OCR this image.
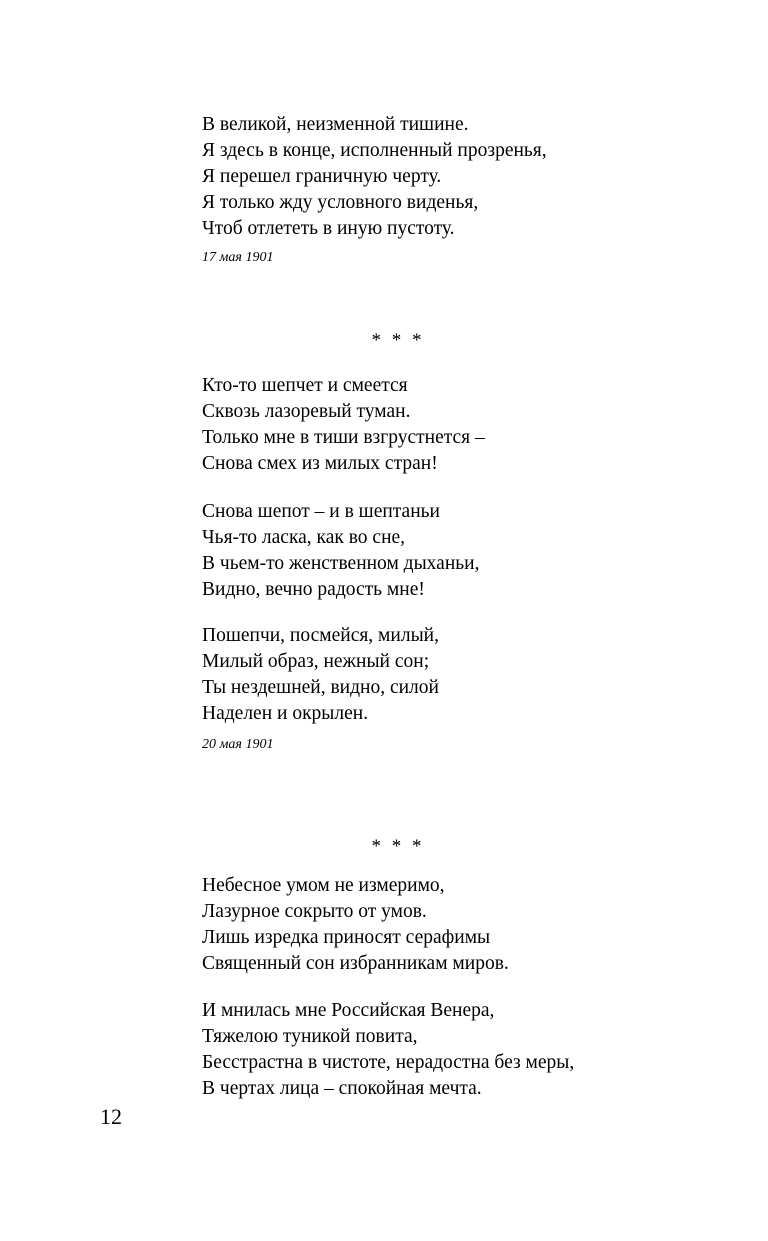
В великой, неизменной тишине.
Я здесь в конце, исполненный прозренья,
Я перешел граничную черту.
Я только жду условного виденья,
Чтоб отлететь в иную пустоту.
17 мая 1901
* * *
Кто-то шепчет и смеется
Сквозь лазоревый туман.
Только мне в тиши взгрустнется –
Снова смех из милых стран!
Снова шепот – и в шептаньи
Чья-то ласка, как во сне,
В чьем-то женственном дыханьи,
Видно, вечно радость мне!
Пошепчи, посмейся, милый,
Милый образ, нежный сон;
Ты нездешней, видно, силой
Наделен и окрылен.
20 мая 1901
* * *
Небесное умом не измеримо,
Лазурное сокрыто от умов.
Лишь изредка приносят серафимы
Священный сон избранникам миров.
И мнилась мне Российская Венера,
Тяжелою туникой повита,
Бесстрастна в чистоте, нерадостна без меры,
В чертах лица – спокойная мечта.
12
